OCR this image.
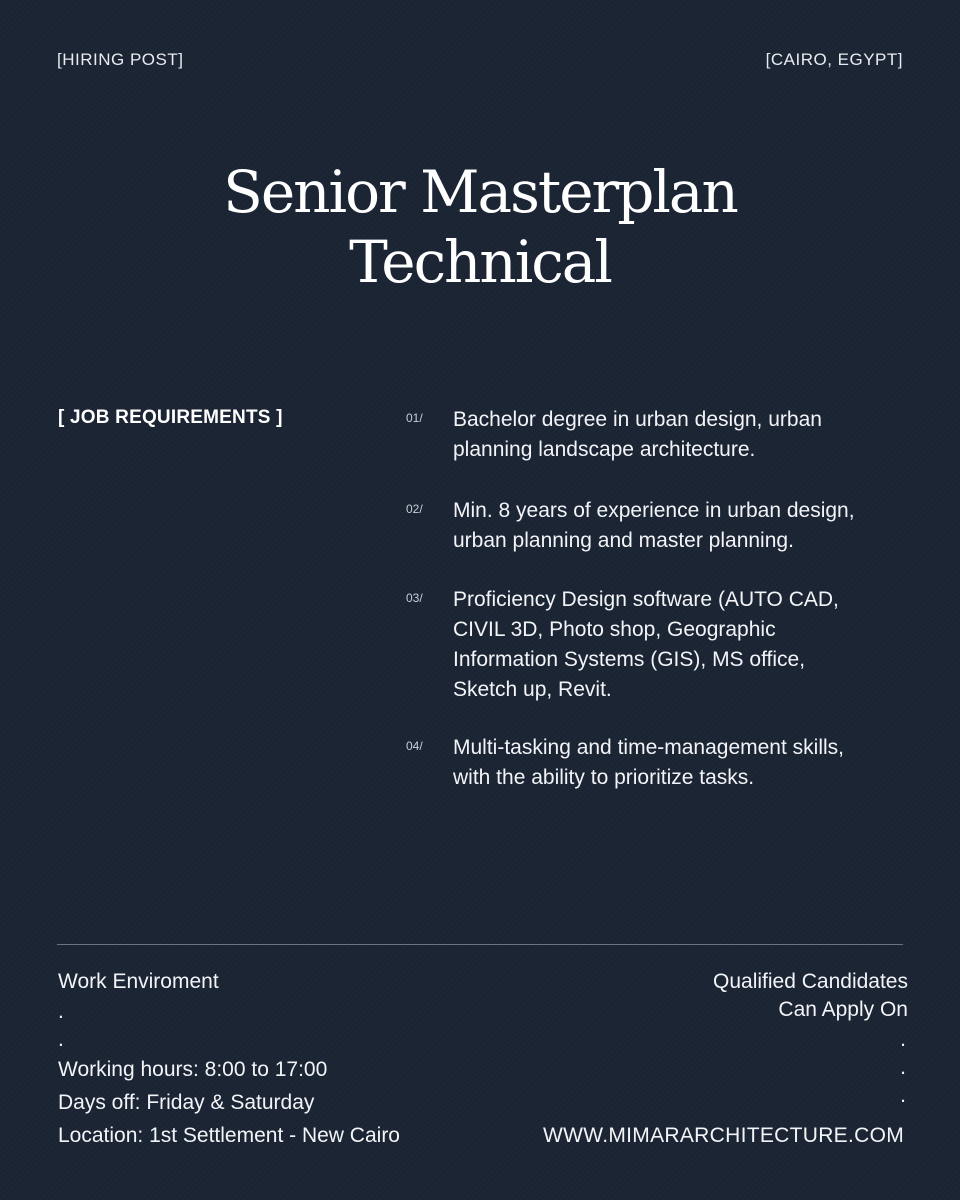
[HIRING POST]	[CAIRO, EGYPT]
Senior Masterplan
Technical
[ JOB REQUIREMENTS ]	01/ Bachelor degree in urban design, urban
planning landscape architecture.
02/ Min. 8 years of experience in urban design,
urban planning and master planning.
03/ Proficiency Design software (AUTO CAD,
CIVIL 3D, Photo shop, Geographic
Information Systems (GIS), MS office,
Sketch up, Revit.
04/ Multi-tasking and time-management skills,
with the ability to prioritize tasks.
Work Enviroment
.
.
Working hours: 8:00 to 17:00
Days off: Friday & Saturday
Location: 1st Settlement - New Cairo
Qualified Candidates
Can Apply On
.
.
.
WWW.MIMARARCHITECTURE.COM
